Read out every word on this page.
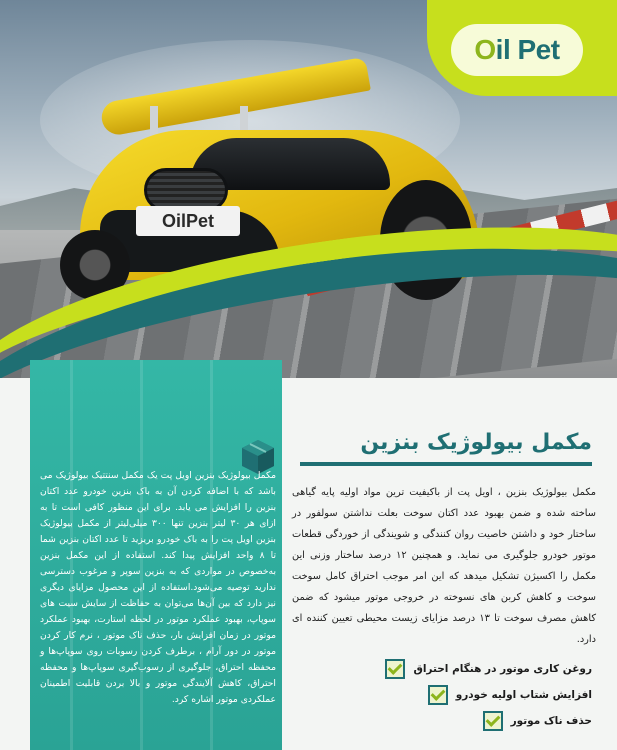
OilPet
Oil Pet
مکمل بیولوژیک بنزین اویل پت یک مکمل سنتتیک بیولوژیک می باشد که با اضافه کردن آن به باک بنزین خودرو عدد اکتان بنزین را افزایش می یابد. برای این منظور کافی است تا به ازای هر ۳۰ لیتر بنزین تنها ۳۰۰ میلی‌لیتر از مکمل بیولوژیک بنزین اویل پت را به باک خودرو بریزید تا عدد اکتان بنزین شما تا ۸ واحد افزایش پیدا کند. استفاده از این مکمل بنزین به‌خصوص در مواردی که به بنزین سوپر و مرغوب دسترسی ندارید توصیه می‌شود.استفاده از این محصول مزایای دیگری نیز دارد که بین آن‌ها می‌توان به حفاظت از سایش سیت های سوپاپ، بهبود عملکرد موتور در لحظه استارت، بهبود عملکرد موتور در زمان افزایش بار، حذف ناک موتور ، نرم کار کردن موتور در دور آرام ، برطرف کردن رسوبات روی سوپاپ‌ها و محفظه احتراق، جلوگیری از رسوب‌گیری سوپاپ‌ها و محفظه احتراق، کاهش آلایندگی موتور و بالا بردن قابلیت اطمینان عملکردی موتور اشاره کرد.
مکمل بیولوژیک بنزین
مکمل بیولوژیک بنزین ، اویل پت از باکیفیت ترین مواد اولیه پایه گیاهی ساخته شده و ضمن بهبود عدد اکتان سوخت بعلت نداشتن سولفور در ساختار خود و داشتن خاصیت روان کنندگی و شویندگی از خوردگی قطعات موتور خودرو جلوگیری می نماید. و همچنین ۱۲ درصد ساختار وزنی این مکمل را اکسیژن تشکیل میدهد که این امر موجب احتراق کامل سوخت سوخت و کاهش کربن های نسوخته در خروجی موتور میشود که ضمن کاهش مصرف سوخت تا ۱۳ درصد مزایای زیست محیطی تعیین کننده ای دارد.
روغن کاری موتور در هنگام احتراق
افزایش شتاب اولیه خودرو
حذف ناک موتور
